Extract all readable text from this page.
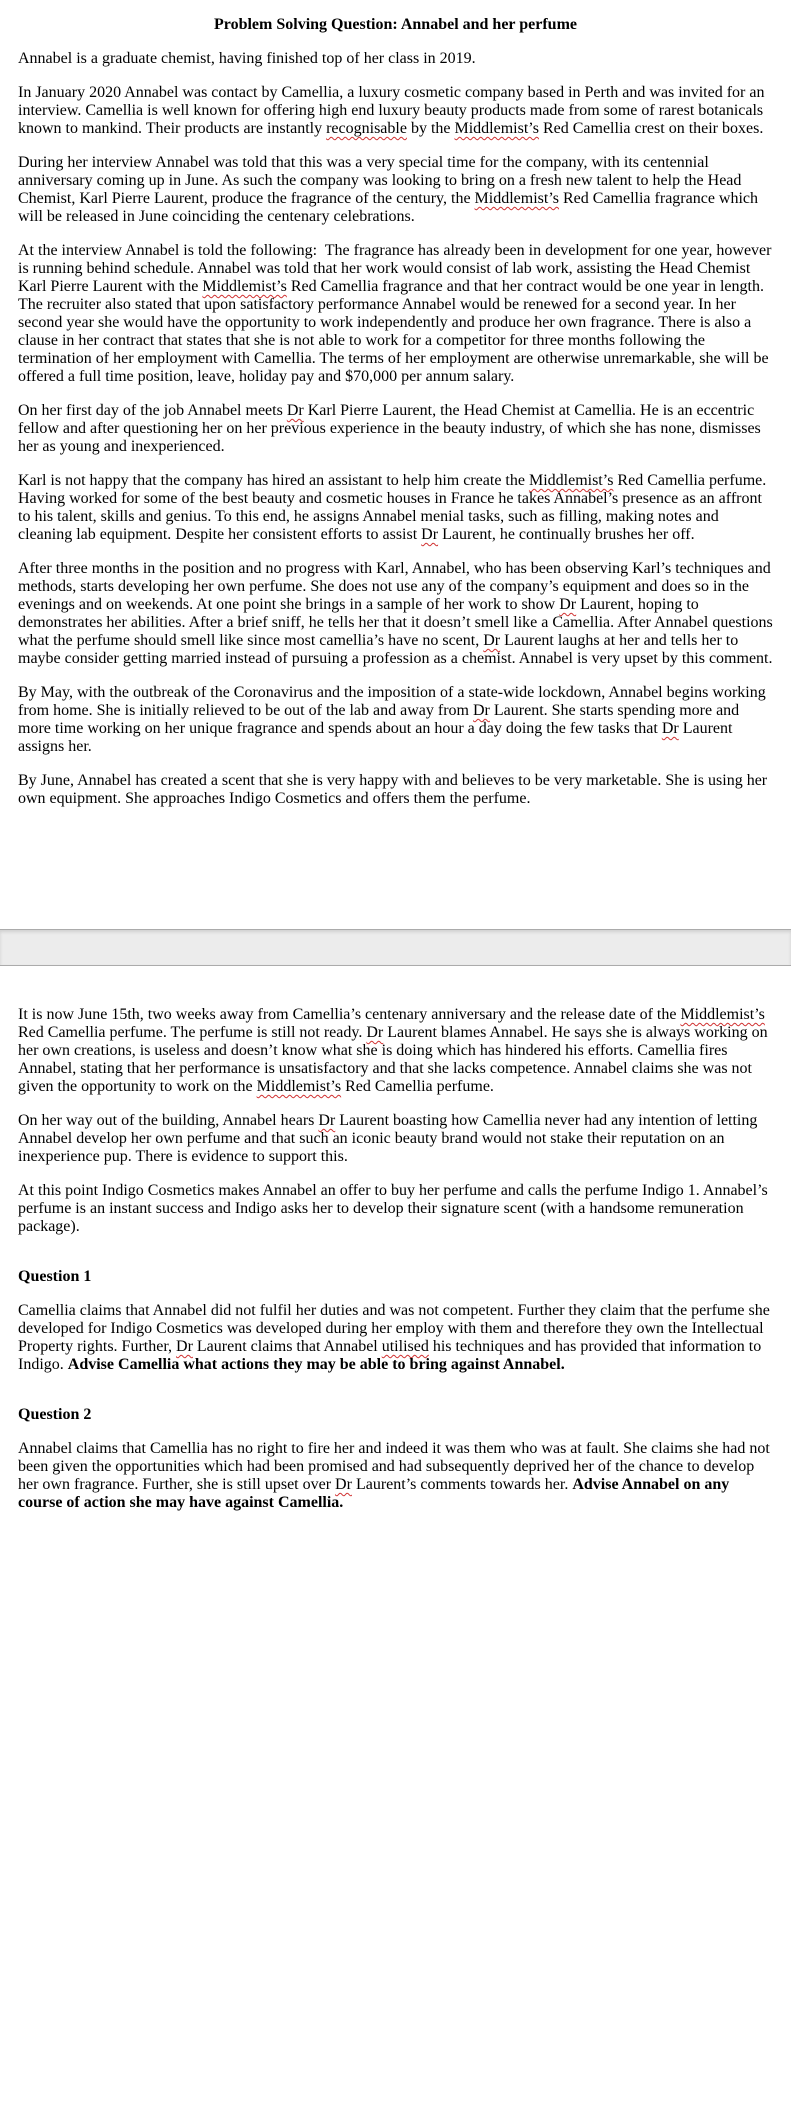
Problem Solving Question: Annabel and her perfume

Annabel is a graduate chemist, having finished top of her class in 2019.

In January 2020 Annabel was contact by Camellia, a luxury cosmetic company based in Perth and was invited for an interview. Camellia is well known for offering high end luxury beauty products made from some of rarest botanicals known to mankind. Their products are instantly recognisable by the Middlemist’s Red Camellia crest on their boxes.

During her interview Annabel was told that this was a very special time for the company, with its centennial anniversary coming up in June. As such the company was looking to bring on a fresh new talent to help the Head Chemist, Karl Pierre Laurent, produce the fragrance of the century, the Middlemist’s Red Camellia fragrance which will be released in June coinciding the centenary celebrations.

At the interview Annabel is told the following:  The fragrance has already been in development for one year, however is running behind schedule. Annabel was told that her work would consist of lab work, assisting the Head Chemist Karl Pierre Laurent with the Middlemist’s Red Camellia fragrance and that her contract would be one year in length. The recruiter also stated that upon satisfactory performance Annabel would be renewed for a second year. In her second year she would have the opportunity to work independently and produce her own fragrance. There is also a clause in her contract that states that she is not able to work for a competitor for three months following the termination of her employment with Camellia. The terms of her employment are otherwise unremarkable, she will be offered a full time position, leave, holiday pay and $70,000 per annum salary.

On her first day of the job Annabel meets Dr Karl Pierre Laurent, the Head Chemist at Camellia. He is an eccentric fellow and after questioning her on her previous experience in the beauty industry, of which she has none, dismisses her as young and inexperienced.

Karl is not happy that the company has hired an assistant to help him create the Middlemist’s Red Camellia perfume. Having worked for some of the best beauty and cosmetic houses in France he takes Annabel’s presence as an affront to his talent, skills and genius. To this end, he assigns Annabel menial tasks, such as filling, making notes and cleaning lab equipment. Despite her consistent efforts to assist Dr Laurent, he continually brushes her off.

After three months in the position and no progress with Karl, Annabel, who has been observing Karl’s techniques and methods, starts developing her own perfume. She does not use any of the company’s equipment and does so in the evenings and on weekends. At one point she brings in a sample of her work to show Dr Laurent, hoping to demonstrates her abilities. After a brief sniff, he tells her that it doesn’t smell like a Camellia. After Annabel questions what the perfume should smell like since most camellia’s have no scent, Dr Laurent laughs at her and tells her to maybe consider getting married instead of pursuing a profession as a chemist. Annabel is very upset by this comment.

By May, with the outbreak of the Coronavirus and the imposition of a state-wide lockdown, Annabel begins working from home. She is initially relieved to be out of the lab and away from Dr Laurent. She starts spending more and more time working on her unique fragrance and spends about an hour a day doing the few tasks that Dr Laurent assigns her.

By June, Annabel has created a scent that she is very happy with and believes to be very marketable. She is using her own equipment. She approaches Indigo Cosmetics and offers them the perfume.

It is now June 15th, two weeks away from Camellia’s centenary anniversary and the release date of the Middlemist’s Red Camellia perfume. The perfume is still not ready. Dr Laurent blames Annabel. He says she is always working on her own creations, is useless and doesn’t know what she is doing which has hindered his efforts. Camellia fires Annabel, stating that her performance is unsatisfactory and that she lacks competence. Annabel claims she was not given the opportunity to work on the Middlemist’s Red Camellia perfume.

On her way out of the building, Annabel hears Dr Laurent boasting how Camellia never had any intention of letting Annabel develop her own perfume and that such an iconic beauty brand would not stake their reputation on an inexperience pup. There is evidence to support this.

At this point Indigo Cosmetics makes Annabel an offer to buy her perfume and calls the perfume Indigo 1. Annabel’s perfume is an instant success and Indigo asks her to develop their signature scent (with a handsome remuneration package).

Question 1

Camellia claims that Annabel did not fulfil her duties and was not competent. Further they claim that the perfume she developed for Indigo Cosmetics was developed during her employ with them and therefore they own the Intellectual Property rights. Further, Dr Laurent claims that Annabel utilised his techniques and has provided that information to Indigo. Advise Camellia what actions they may be able to bring against Annabel.

Question 2

Annabel claims that Camellia has no right to fire her and indeed it was them who was at fault. She claims she had not been given the opportunities which had been promised and had subsequently deprived her of the chance to develop her own fragrance. Further, she is still upset over Dr Laurent’s comments towards her. Advise Annabel on any course of action she may have against Camellia.
